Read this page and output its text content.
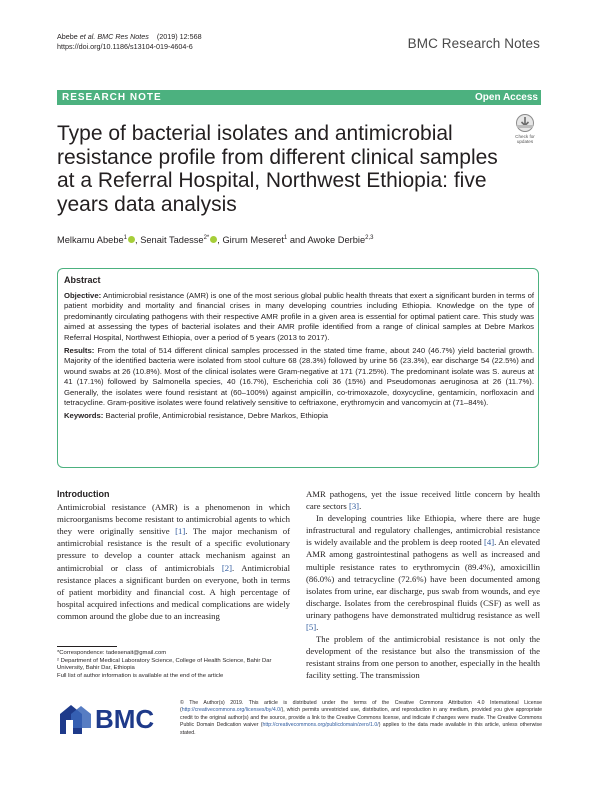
Abebe et al. BMC Res Notes (2019) 12:568
https://doi.org/10.1186/s13104-019-4604-6	BMC Research Notes
RESEARCH NOTE	Open Access
Type of bacterial isolates and antimicrobial resistance profile from different clinical samples at a Referral Hospital, Northwest Ethiopia: five years data analysis
Check for
updates
Melkamu Abebe$^1$ , Senait Tadesse$^{2*}$ , Girum Meseret$^1$ and Awoke Derbie$^{2,3}$
Abstract

Objective: Antimicrobial resistance (AMR) is one of the most serious global public health threats that exert a significant burden in terms of patient morbidity and mortality and financial crises in many developing countries including Ethiopia. Knowledge on the type of predominantly circulating pathogens with their respective AMR profile in a given area is essential for optimal patient care. This study was aimed at assessing the types of bacterial isolates and their AMR profile identified from a range of clinical samples at Debre Markos Referral Hospital, Northwest Ethiopia, over a period of 5 years (2013 to 2017).

Results: From the total of 514 different clinical samples processed in the stated time frame, about 240 (46.7%) yield bacterial growth. Majority of the identified bacteria were isolated from stool culture 68 (28.3%) followed by urine 56 (23.3%), ear discharge 54 (22.5%) and wound swabs at 26 (10.8%). Most of the clinical isolates were Gram-negative at 171 (71.25%). The predominant isolate was S. aureus at 41 (17.1%) followed by Salmonella species, 40 (16.7%), Escherichia coli 36 (15%) and Pseudomonas aeruginosa at 26 (11.7%). Generally, the isolates were found resistant at (60–100%) against ampicillin, co-trimoxazole, doxycycline, gentamicin, norfloxacin and tetracycline. Gram-positive isolates were found relatively sensitive to ceftriaxone, erythromycin and vancomycin at (71–84%).

Keywords: Bacterial profile, Antimicrobial resistance, Debre Markos, Ethiopia

Introduction

Antimicrobial resistance (AMR) is a phenomenon in which microorganisms become resistant to antimicrobial agents to which they were originally sensitive [1]. The major mechanism of antimicrobial resistance is the result of a specific evolutionary pressure to develop a counter attack mechanism against an antimicrobial or class of antimicrobials [2]. Antimicrobial resistance places a significant burden on everyone, both in terms of patient morbidity and financial cost. A high percentage of hospital acquired infections and medical complications are widely common around the globe due to an increasing

AMR pathogens, yet the issue received little concern by health care sectors [3].

In developing countries like Ethiopia, where there are huge infrastructural and regulatory challenges, antimicrobial resistance is widely available and the problem is deep rooted [4]. An elevated AMR among gastrointestinal pathogens as well as increased and multiple resistance rates to erythromycin (89.4%), amoxicillin (86.0%) and tetracycline (72.6%) have been documented among isolates from urine, ear discharge, pus swab from wounds, and eye discharge. Isolates from the cerebrospinal fluids (CSF) as well as urinary pathogens have demonstrated multidrug resistance as well [5].

The problem of the antimicrobial resistance is not only the development of the resistance but also the transmission of the resistant strains from one person to another, especially in the health facility setting. The transmission

*Correspondence: tadesenait@gmail.com

² Department of Medical Laboratory Science, College of Health Science, Bahir Dar University, Bahir Dar, Ethiopia

Full list of author information is available at the end of the article

BMC
© The Author(s) 2019. This article is distributed under the terms of the Creative Commons Attribution 4.0 International License (http://creativecommons.org/licenses/by/4.0/), which permits unrestricted use, distribution, and reproduction in any medium, provided you give appropriate credit to the original author(s) and the source, provide a link to the Creative Commons license, and indicate if changes were made. The Creative Commons Public Domain Dedication waiver (http://creativecommons.org/publicdomain/zero/1.0/) applies to the data made available in this article, unless otherwise stated.
